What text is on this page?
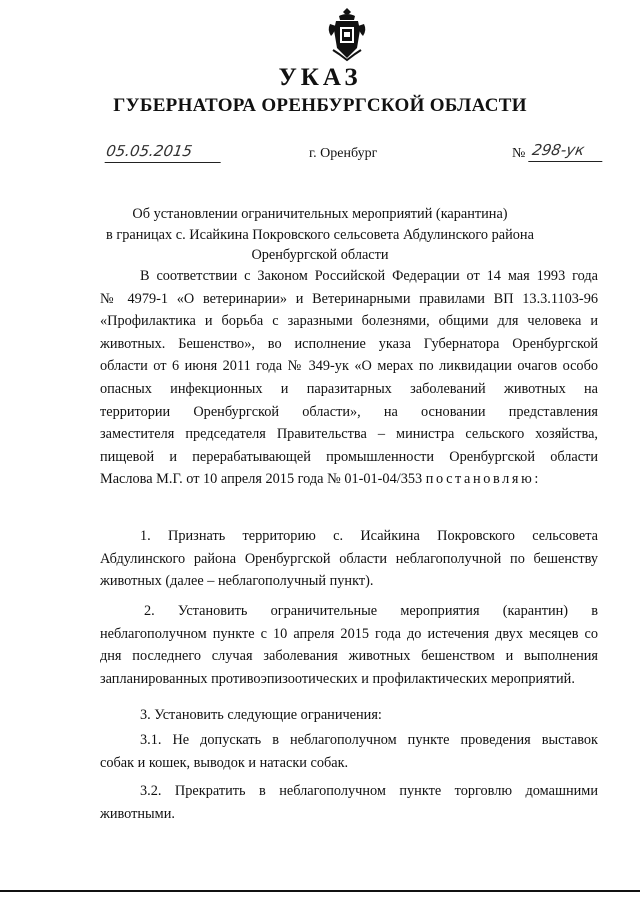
УКАЗ
ГУБЕРНАТОРА ОРЕНБУРГСКОЙ ОБЛАСТИ
05.05.2015	г. Оренбург	№ 298-ук
Об установлении ограничительных мероприятий (карантина)
в границах с. Исайкина Покровского сельсовета Абдулинского района
Оренбургской области
В соответствии с Законом Российской Федерации от 14 мая 1993 года
№ 4979-1 «О ветеринарии» и Ветеринарными правилами ВП 13.3.1103-96
«Профилактика и борьба с заразными болезнями, общими для человека и
животных. Бешенство», во исполнение указа Губернатора Оренбургской
области от 6 июня 2011 года № 349-ук «О мерах по ликвидации очагов особо
опасных инфекционных и паразитарных заболеваний животных на
территории Оренбургской области», на основании представления
заместителя председателя Правительства – министра сельского хозяйства,
пищевой и перерабатывающей промышленности Оренбургской области
Маслова М.Г. от 10 апреля 2015 года № 01-01-04/353 постановляю:
1. Признать территорию с. Исайкина Покровского сельсовета
Абдулинского района Оренбургской области неблагополучной по бешенству
животных (далее – неблагополучный пункт).
2. Установить ограничительные мероприятия (карантин) в
неблагополучном пункте с 10 апреля 2015 года до истечения двух месяцев со
дня последнего случая заболевания животных бешенством и выполнения
запланированных противоэпизоотических и профилактических мероприятий.
3. Установить следующие ограничения:
3.1. Не допускать в неблагополучном пункте проведения выставок
собак и кошек, выводок и натаски собак.
3.2. Прекратить в неблагополучном пункте торговлю домашними
животными.
